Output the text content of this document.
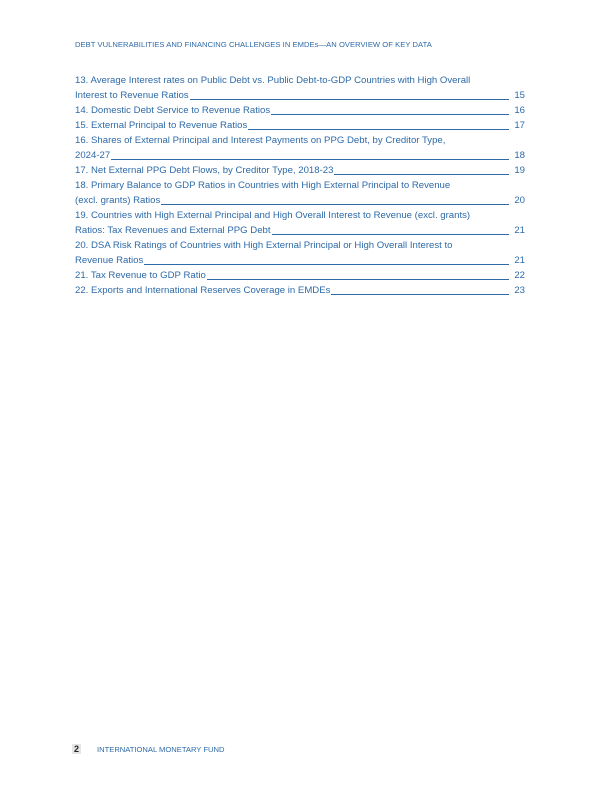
DEBT VULNERABILITIES AND FINANCING CHALLENGES IN EMDEs—AN OVERVIEW OF KEY DATA
13. Average Interest rates on Public Debt vs. Public Debt-to-GDP Countries with High Overall
Interest to Revenue Ratios	15
14. Domestic Debt Service to Revenue Ratios	16
15. External Principal to Revenue Ratios	17
16. Shares of External Principal and Interest Payments on PPG Debt, by Creditor Type,
2024-27	18
17. Net External PPG Debt Flows, by Creditor Type, 2018-23	19
18. Primary Balance to GDP Ratios in Countries with High External Principal to Revenue
(excl. grants) Ratios	20
19. Countries with High External Principal and High Overall Interest to Revenue (excl. grants)
Ratios: Tax Revenues and External PPG Debt	21
20. DSA Risk Ratings of Countries with High External Principal or High Overall Interest to
Revenue Ratios	21
21. Tax Revenue to GDP Ratio	22
22. Exports and International Reserves Coverage in EMDEs	23
2 INTERNATIONAL MONETARY FUND
